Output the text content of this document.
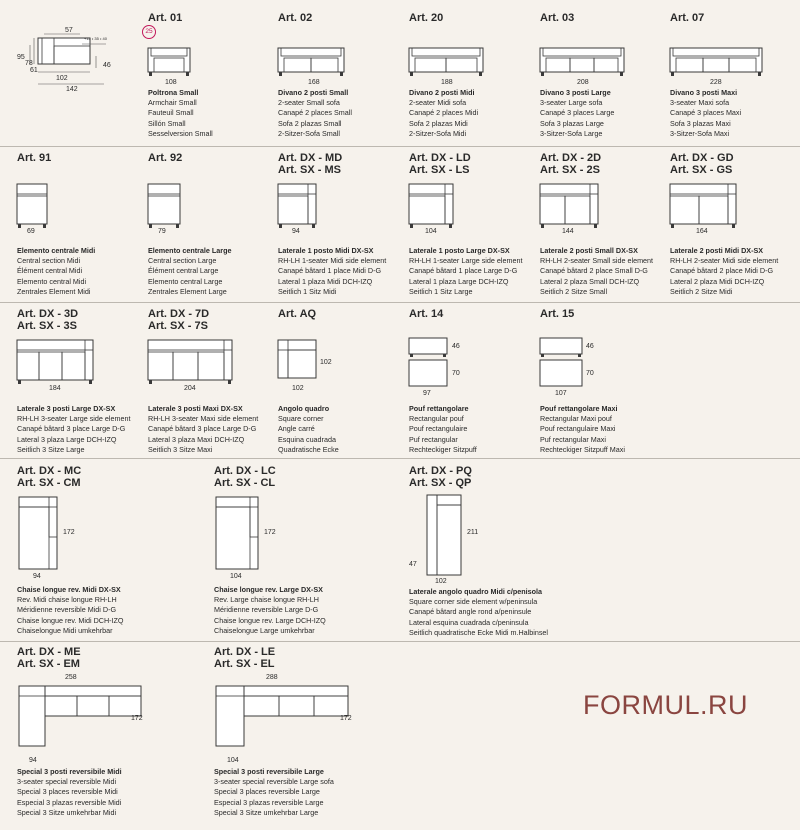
57
95
78
61
102
142
46
+15 • 35 • 40
25

Art. 01

108
Poltrona Small
Armchair Small
Fauteuil Small
Sillón Small
Sesselversion Small

Art. 02

168
Divano 2 posti Small
2-seater Small sofa
Canapé 2 places Small
Sofa 2 plazas Small
2-Sitzer-Sofa Small

Art. 20

188
Divano 2 posti Midi
2-seater Midi sofa
Canapé 2 places Midi
Sofa 2 plazas Midi
2-Sitzer-Sofa Midi

Art. 03

208
Divano 3 posti Large
3-seater Large sofa
Canapé 3 places Large
Sofa 3 plazas Large
3-Sitzer-Sofa Large

Art. 07

228
Divano 3 posti Maxi
3-seater Maxi sofa
Canapé 3 places Maxi
Sofa 3 plazas Maxi
3-Sitzer-Sofa Maxi

Art. 91

69
Elemento centrale Midi
Central section Midi
Élément central Midi
Elemento central Midi
Zentrales Element Midi

Art. 92

79
Elemento centrale Large
Central section Large
Élément central Large
Elemento central Large
Zentrales Element Large

Art. DX - MD

Art. SX - MS

94
Laterale 1 posto Midi DX-SX
RH-LH 1-seater Midi side element
Canapé bâtard 1 place Midi D-G
Lateral 1 plaza Midi DCH-IZQ
Seitlich 1 Sitz Midi

Art. DX - LD

Art. SX - LS

104
Laterale 1 posto Large DX-SX
RH-LH 1-seater Large side element
Canapé bâtard 1 place Large D-G
Lateral 1 plaza Large DCH-IZQ
Seitlich 1 Sitz Large

Art. DX - 2D

Art. SX - 2S

144
Laterale 2 posti Small DX-SX
RH-LH 2-seater Small side element
Canapé bâtard 2 place Small D-G
Lateral 2 plaza Small DCH-IZQ
Seitlich 2 Sitze Small

Art. DX - GD

Art. SX - GS

164
Laterale 2 posti Midi DX-SX
RH-LH 2-seater Midi side element
Canapé bâtard 2 place Midi D-G
Lateral 2 plaza Midi DCH-IZQ
Seitlich 2 Sitze Midi

Art. DX - 3D

Art. SX - 3S

184
Laterale 3 posti Large DX-SX
RH-LH 3-seater Large side element
Canapé bâtard 3 place Large D-G
Lateral 3 plaza Large DCH-IZQ
Seitlich 3 Sitze Large

Art. DX - 7D

Art. SX - 7S

204
Laterale 3 posti Maxi DX-SX
RH-LH 3-seater Maxi side element
Canapé bâtard 3 place Large D-G
Lateral 3 plaza Maxi DCH-IZQ
Seitlich 3 Sitze Maxi

Art. AQ

102
102
Angolo quadro
Square corner
Angle carré
Esquina cuadrada
Quadratische Ecke

Art. 14

46
70
97
Pouf rettangolare
Rectangular pouf
Pouf rectangulaire
Puf rectangular
Rechteckiger Sitzpuff

Art. 15

46
70
107
Pouf rettangolare Maxi
Rectangular Maxi pouf
Pouf rectangulaire Maxi
Puf rectangular Maxi
Rechteckiger Sitzpuff Maxi

Art. DX - MC

Art. SX - CM

172
94
Chaise longue rev. Midi DX-SX
Rev. Midi chaise longue RH-LH
Méridienne reversible Midi D-G
Chaise longue rev. Midi DCH-IZQ
Chaiselongue Midi umkehrbar

Art. DX - LC

Art. SX - CL

172
104
Chaise longue rev. Large DX-SX
Rev. Large chaise longue RH-LH
Méridienne reversible Large D-G
Chaise longue rev. Large DCH-IZQ
Chaiselongue Large umkehrbar

Art. DX - PQ

Art. SX - QP

211
47
102
Laterale angolo quadro Midi c/penisola
Square corner side element w/peninsula
Canapé bâtard angle rond a/peninsule
Lateral esquina cuadrada c/peninsula
Seitlich quadratische Ecke Midi m.Halbinsel

Art. DX - ME

Art. SX - EM

258
172
94
Special 3 posti reversibile Midi
3-seater special reversible Midi
Special 3 places reversible Midi
Especial 3 plazas reversible Midi
Special 3 Sitze umkehrbar Midi

Art. DX - LE

Art. SX - EL

288
172
104
Special 3 posti reversibile Large
3-seater special reversible Large sofa
Special 3 places reversible Large
Especial 3 plazas reversible Large
Special 3 Sitze umkehrbar Large
FORMUL.RU
